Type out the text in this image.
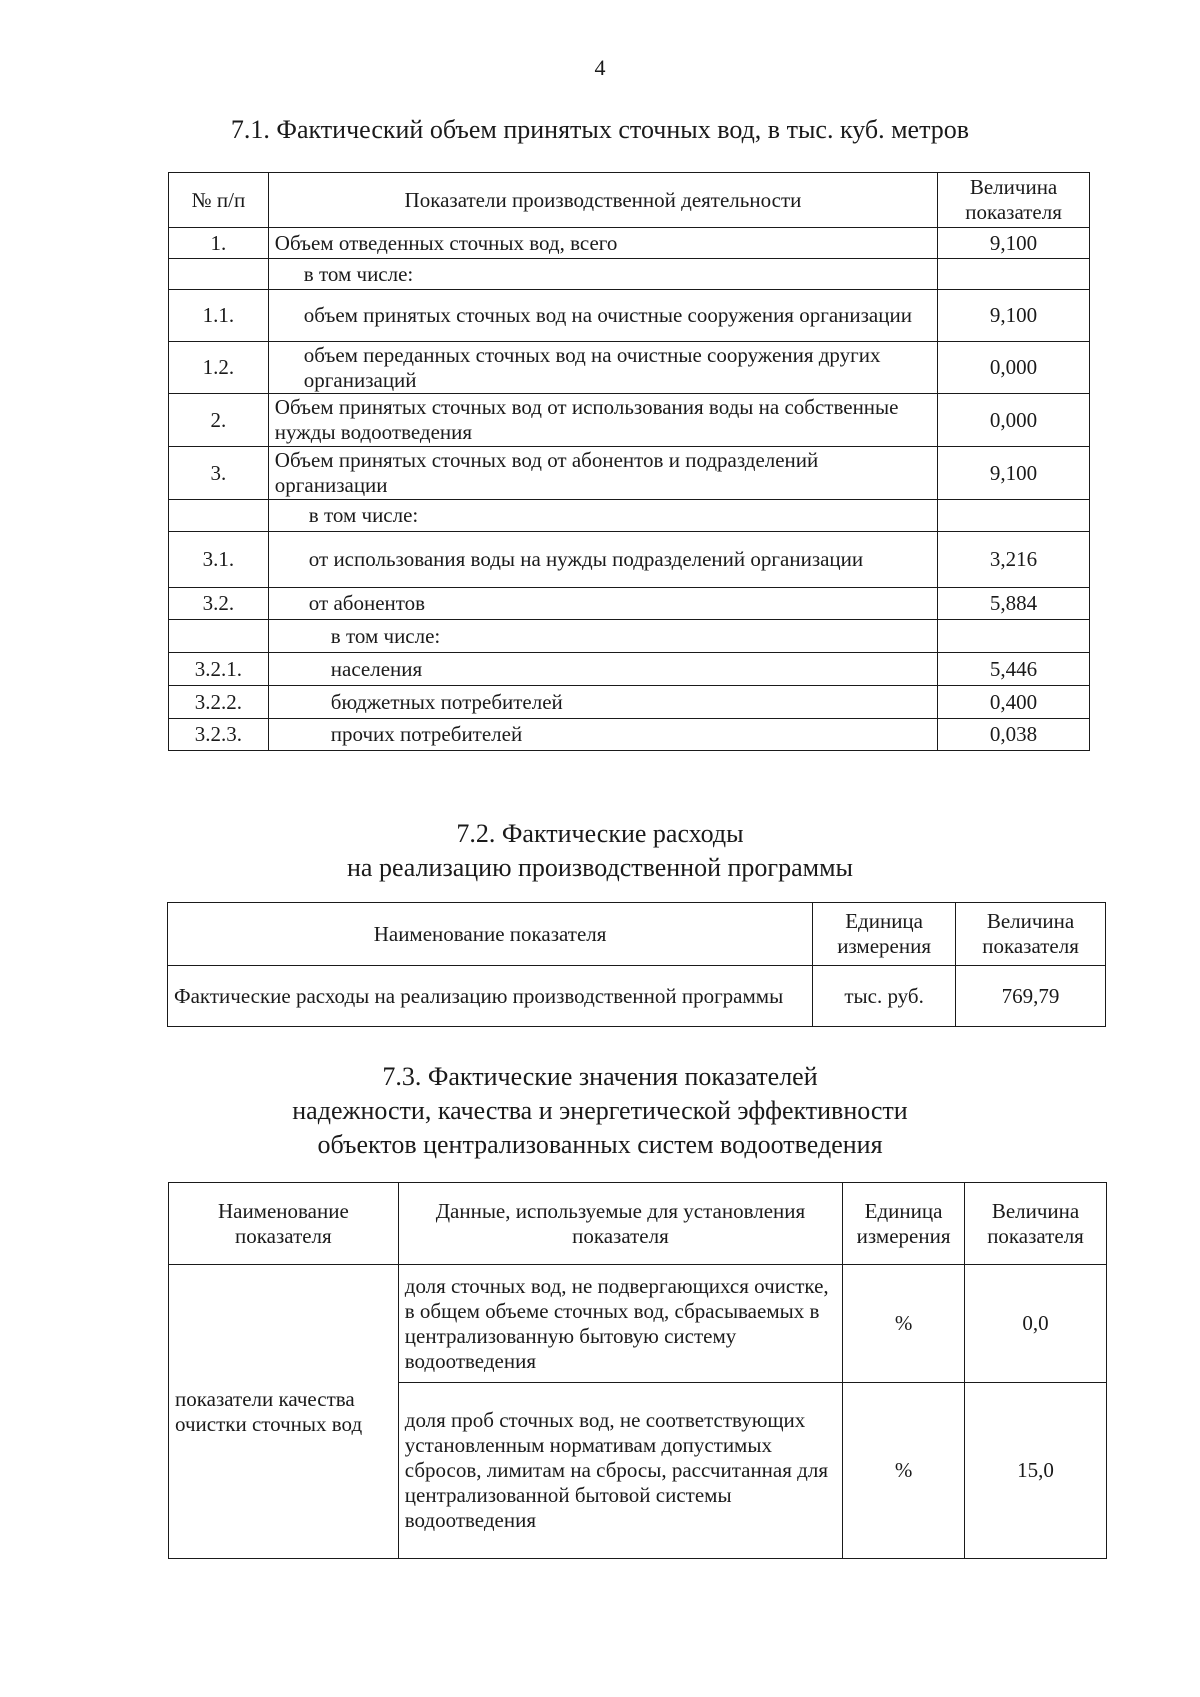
4
7.1. Фактический объем принятых сточных вод, в тыс. куб. метров
№ п/п	Показатели производственной деятельности	Величина показателя
1.	Объем отведенных сточных вод, всего	9,100
	в том числе:	
1.1.	объем принятых сточных вод на очистные сооружения организации	9,100
1.2.	объем переданных сточных вод на очистные сооружения других организаций	0,000
2.	Объем принятых сточных вод от использования воды на собственные нужды водоотведения	0,000
3.	Объем принятых сточных вод от абонентов и подразделений организации	9,100
	в том числе:	
3.1.	от использования воды на нужды подразделений организации	3,216
3.2.	от абонентов	5,884
	в том числе:	
3.2.1.	населения	5,446
3.2.2.	бюджетных потребителей	0,400
3.2.3.	прочих потребителей	0,038
7.2. Фактические расходы
на реализацию производственной программы
Наименование показателя	Единица измерения	Величина показателя
Фактические расходы на реализацию производственной программы	тыс. руб.	769,79
7.3. Фактические значения показателей
надежности, качества и энергетической эффективности
объектов централизованных систем водоотведения
Наименование показателя	Данные, используемые для установления показателя	Единица измерения	Величина показателя
показатели качества очистки сточных вод	доля сточных вод, не подвергающихся очистке, в общем объеме сточных вод, сбрасываемых в централизованную бытовую систему водоотведения	%	0,0
	доля проб сточных вод, не соответствующих установленным нормативам допустимых сбросов, лимитам на сбросы, рассчитанная для централизованной бытовой системы водоотведения	%	15,0
